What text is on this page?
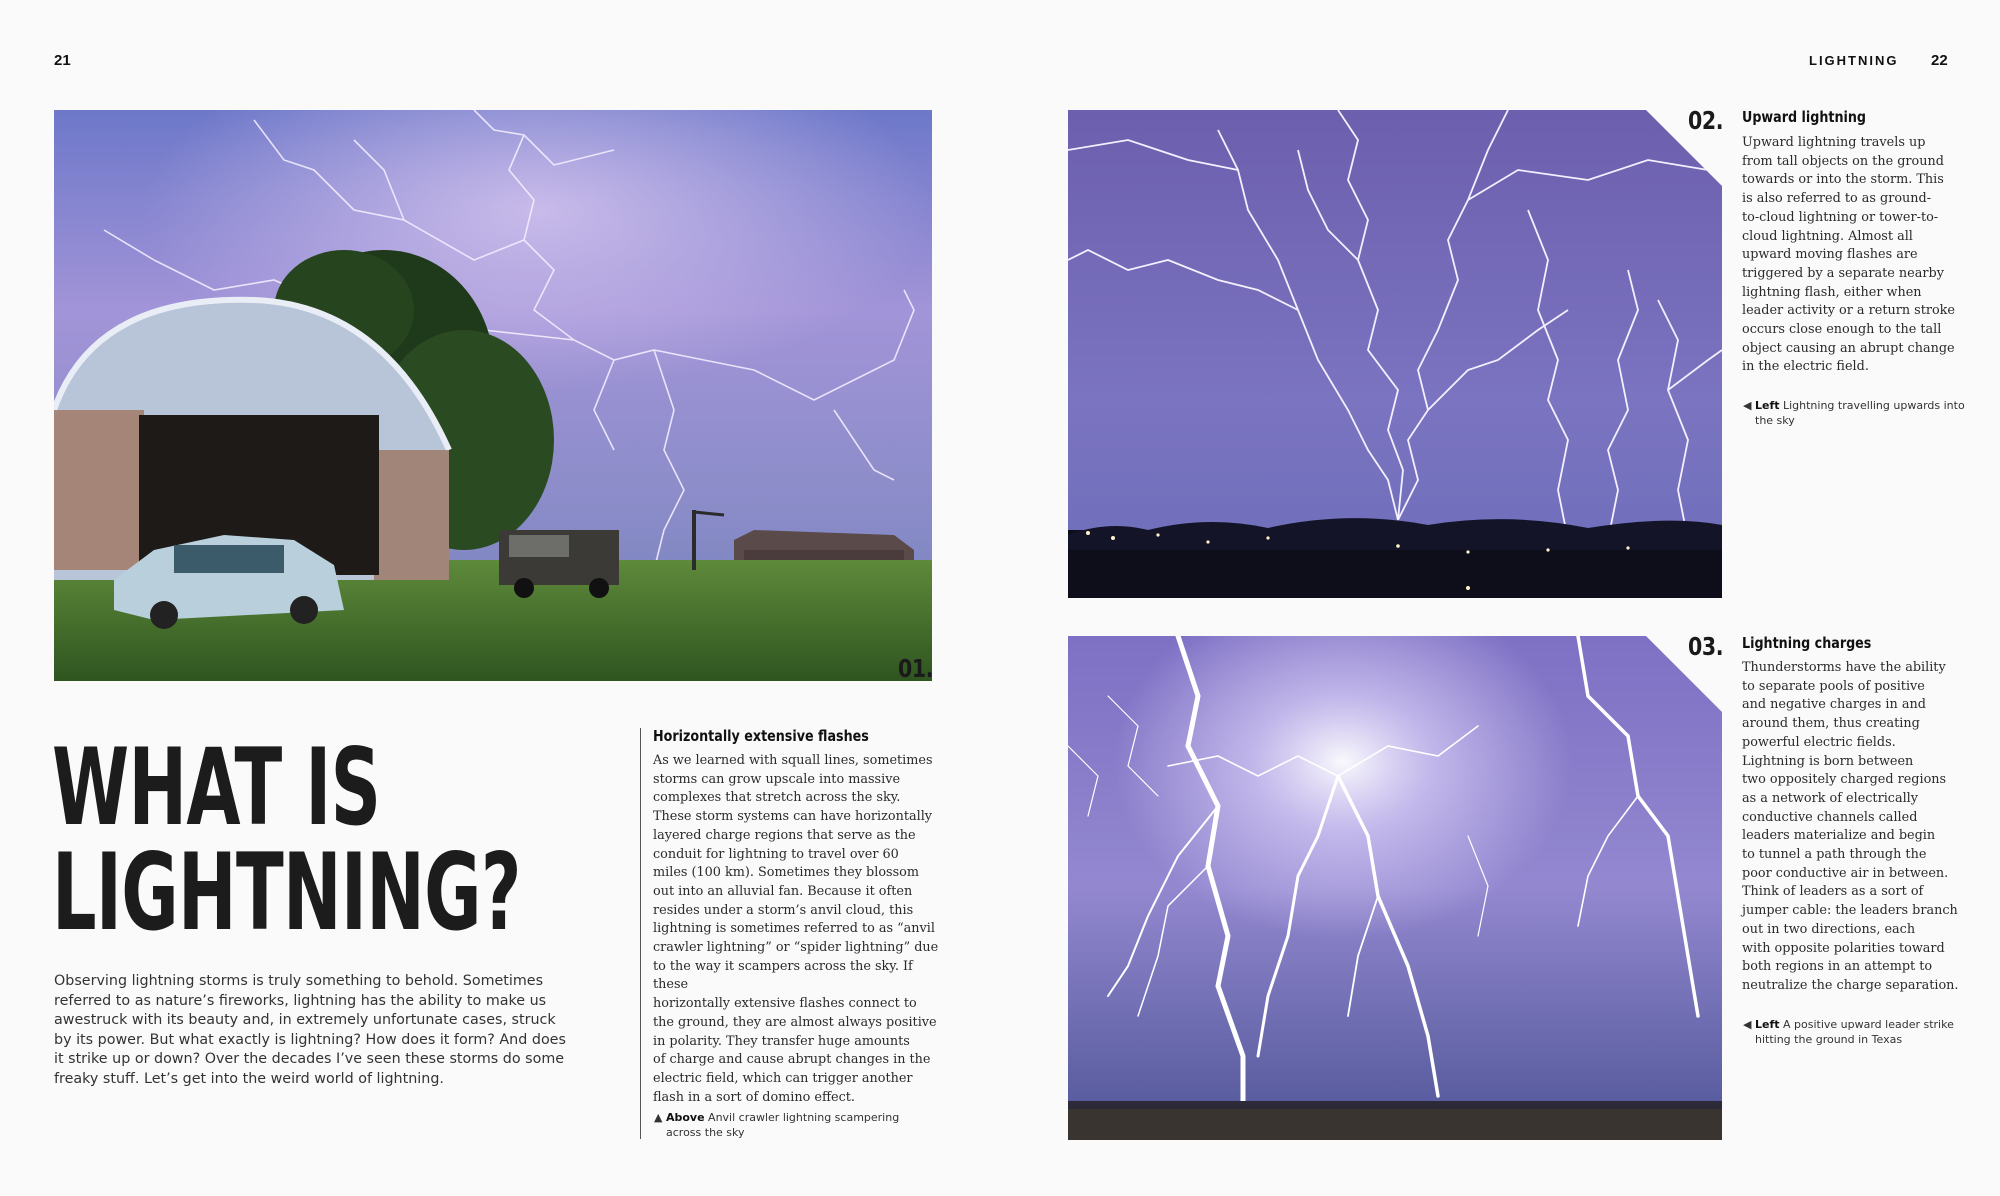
21	LIGHTNING 22
01.
WHAT IS
LIGHTNING?
Observing lightning storms is truly something to behold. Sometimes
referred to as nature’s fireworks, lightning has the ability to make us
awestruck with its beauty and, in extremely unfortunate cases, struck
by its power. But what exactly is lightning? How does it form? And does
it strike up or down? Over the decades I’ve seen these storms do some
freaky stuff. Let’s get into the weird world of lightning.
Horizontally extensive flashes
As we learned with squall lines, sometimes
storms can grow upscale into massive
complexes that stretch across the sky.
These storm systems can have horizontally
layered charge regions that serve as the
conduit for lightning to travel over 60
miles (100 km). Sometimes they blossom
out into an alluvial fan. Because it often
resides under a storm’s anvil cloud, this
lightning is sometimes referred to as “anvil
crawler lightning” or “spider lightning” due
to the way it scampers across the sky. If these
horizontally extensive flashes connect to
the ground, they are almost always positive
in polarity. They transfer huge amounts
of charge and cause abrupt changes in the
electric field, which can trigger another
flash in a sort of domino effect.
▲ Above Anvil crawler lightning scampering across the sky
02. Upward lightning
Upward lightning travels up
from tall objects on the ground
towards or into the storm. This
is also referred to as ground-
to-cloud lightning or tower-to-
cloud lightning. Almost all
upward moving flashes are
triggered by a separate nearby
lightning flash, either when
leader activity or a return stroke
occurs close enough to the tall
object causing an abrupt change
in the electric field.
◀ Left Lightning travelling upwards into the sky
03. Lightning charges
Thunderstorms have the ability
to separate pools of positive
and negative charges in and
around them, thus creating
powerful electric fields.
Lightning is born between
two oppositely charged regions
as a network of electrically
conductive channels called
leaders materialize and begin
to tunnel a path through the
poor conductive air in between.
Think of leaders as a sort of
jumper cable: the leaders branch
out in two directions, each
with opposite polarities toward
both regions in an attempt to
neutralize the charge separation.
◀ Left A positive upward leader strike hitting the ground in Texas
